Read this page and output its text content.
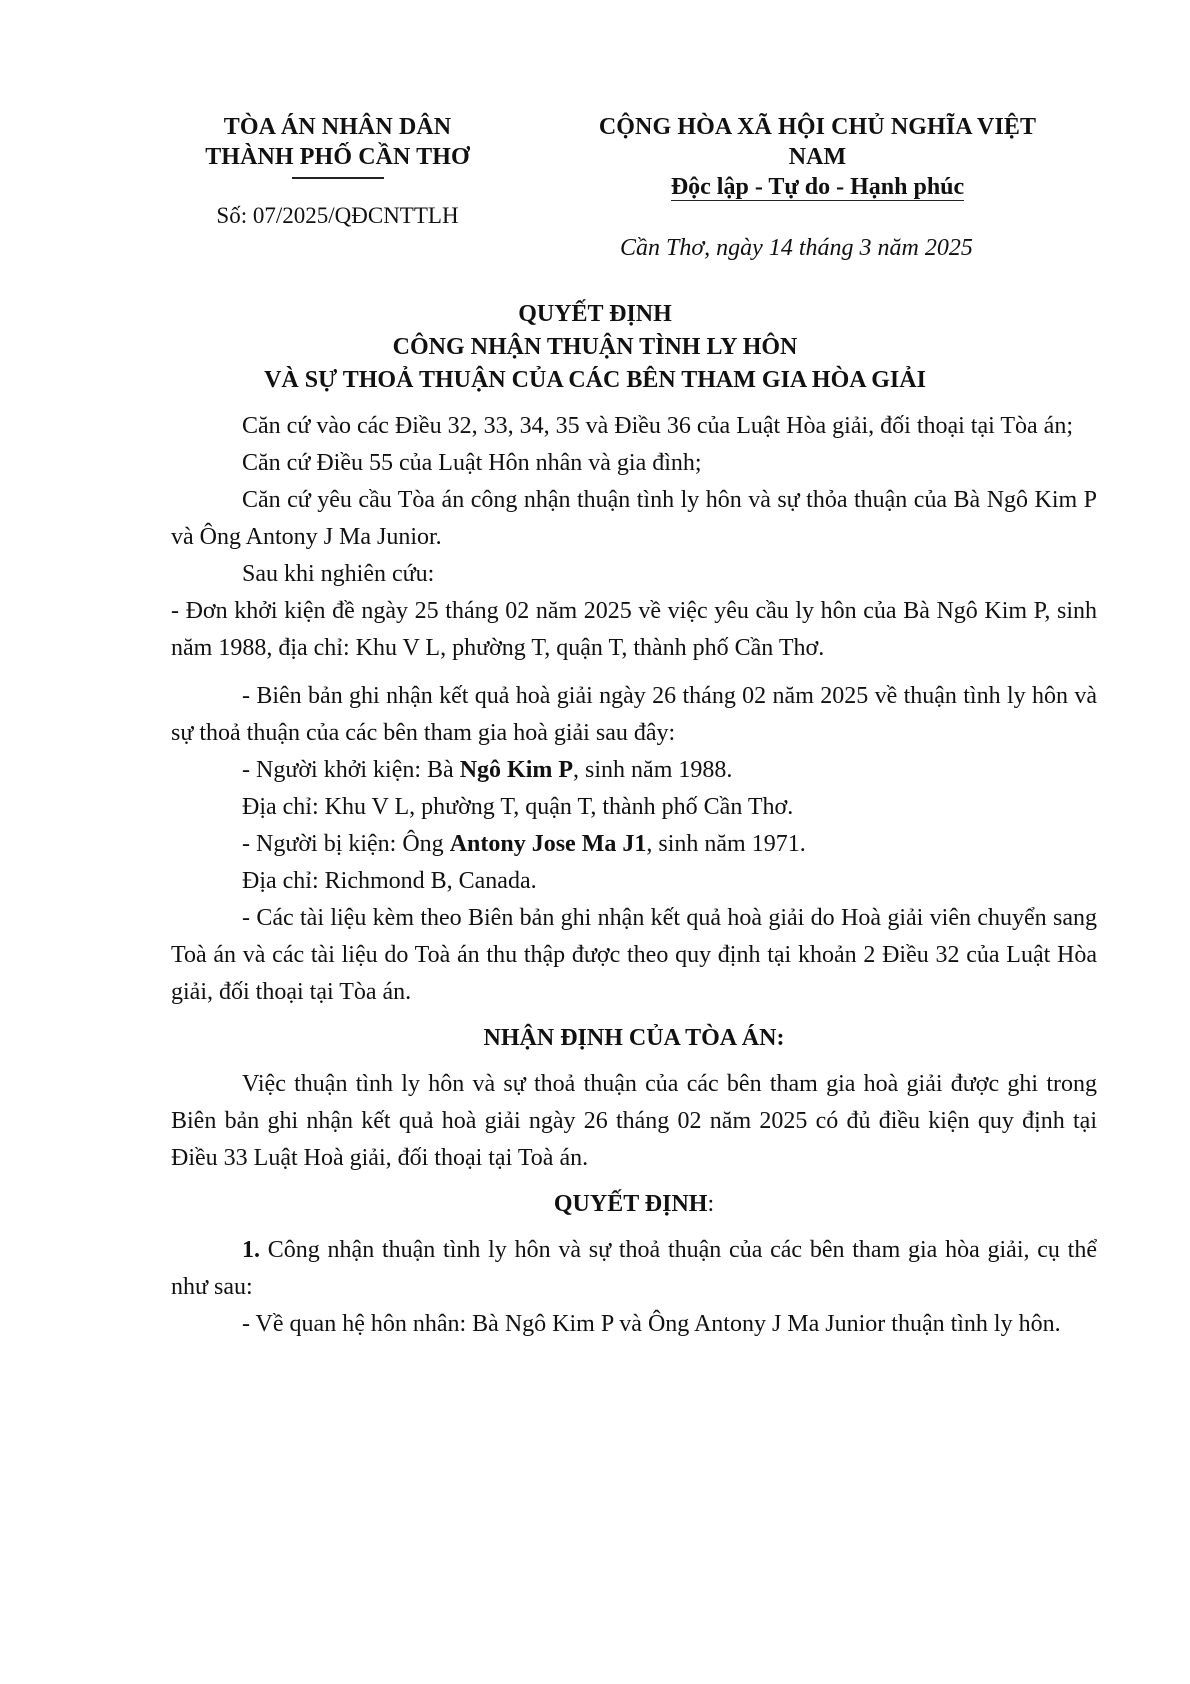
TÒA ÁN NHÂN DÂN
THÀNH PHỐ CẦN THƠ
Số: 07/2025/QĐCNTTLH
CỘNG HÒA XÃ HỘI CHỦ NGHĨA VIỆT
NAM
Độc lập - Tự do - Hạnh phúc
Cần Thơ, ngày 14 tháng 3 năm 2025
QUYẾT ĐỊNH
CÔNG NHẬN THUẬN TÌNH LY HÔN
VÀ SỰ THOẢ THUẬN CỦA CÁC BÊN THAM GIA HÒA GIẢI

Căn cứ vào các Điều 32, 33, 34, 35 và Điều 36 của Luật Hòa giải, đối thoại tại Tòa án;

Căn cứ Điều 55 của Luật Hôn nhân và gia đình;

Căn cứ yêu cầu Tòa án công nhận thuận tình ly hôn và sự thỏa thuận của Bà Ngô Kim P và Ông Antony J Ma Junior.

Sau khi nghiên cứu:

- Đơn khởi kiện đề ngày 25 tháng 02 năm 2025 về việc yêu cầu ly hôn của Bà Ngô Kim P, sinh năm 1988, địa chỉ: Khu V L, phường T, quận T, thành phố Cần Thơ.

- Biên bản ghi nhận kết quả hoà giải ngày 26 tháng 02 năm 2025 về thuận tình ly hôn và sự thoả thuận của các bên tham gia hoà giải sau đây:

- Người khởi kiện: Bà Ngô Kim P, sinh năm 1988.

Địa chỉ: Khu V L, phường T, quận T, thành phố Cần Thơ.

- Người bị kiện: Ông Antony Jose Ma J1, sinh năm 1971.

Địa chỉ: Richmond B, Canada.

- Các tài liệu kèm theo Biên bản ghi nhận kết quả hoà giải do Hoà giải viên chuyển sang Toà án và các tài liệu do Toà án thu thập được theo quy định tại khoản 2 Điều 32 của Luật Hòa giải, đối thoại tại Tòa án.

NHẬN ĐỊNH CỦA TÒA ÁN:

Việc thuận tình ly hôn và sự thoả thuận của các bên tham gia hoà giải được ghi trong Biên bản ghi nhận kết quả hoà giải ngày 26 tháng 02 năm 2025 có đủ điều kiện quy định tại Điều 33 Luật Hoà giải, đối thoại tại Toà án.

QUYẾT ĐỊNH:

1. Công nhận thuận tình ly hôn và sự thoả thuận của các bên tham gia hòa giải, cụ thể như sau:

- Về quan hệ hôn nhân: Bà Ngô Kim P và Ông Antony J Ma Junior thuận tình ly hôn.
